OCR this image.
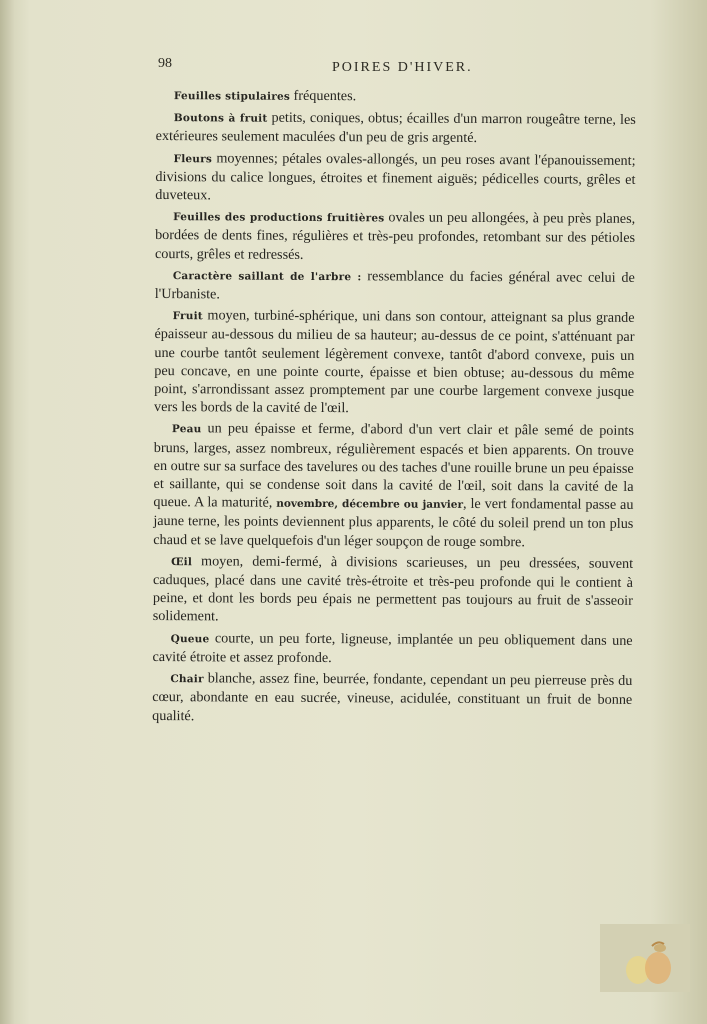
98	POIRES D'HIVER.

Feuilles stipulaires fréquentes.

Boutons à fruit petits, coniques, obtus; écailles d'un marron rougeâtre terne, les extérieures seulement maculées d'un peu de gris argenté.

Fleurs moyennes; pétales ovales-allongés, un peu roses avant l'épanouissement; divisions du calice longues, étroites et finement aiguës; pédicelles courts, grêles et duveteux.

Feuilles des productions fruitières ovales un peu allongées, à peu près planes, bordées de dents fines, régulières et très-peu profondes, retombant sur des pétioles courts, grêles et redressés.

Caractère saillant de l'arbre : ressemblance du facies général avec celui de l'Urbaniste.

Fruit moyen, turbiné-sphérique, uni dans son contour, atteignant sa plus grande épaisseur au-dessous du milieu de sa hauteur; au-dessus de ce point, s'atténuant par une courbe tantôt seulement légèrement convexe, tantôt d'abord convexe, puis un peu concave, en une pointe courte, épaisse et bien obtuse; au-dessous du même point, s'arrondissant assez promptement par une courbe largement convexe jusque vers les bords de la cavité de l'œil.

Peau un peu épaisse et ferme, d'abord d'un vert clair et pâle semé de points bruns, larges, assez nombreux, régulièrement espacés et bien apparents. On trouve en outre sur sa surface des tavelures ou des taches d'une rouille brune un peu épaisse et saillante, qui se condense soit dans la cavité de l'œil, soit dans la cavité de la queue. A la maturité, novembre, décembre ou janvier, le vert fondamental passe au jaune terne, les points deviennent plus apparents, le côté du soleil prend un ton plus chaud et se lave quelquefois d'un léger soupçon de rouge sombre.

Œil moyen, demi-fermé, à divisions scarieuses, un peu dressées, souvent caduques, placé dans une cavité très-étroite et très-peu profonde qui le contient à peine, et dont les bords peu épais ne permettent pas toujours au fruit de s'asseoir solidement.

Queue courte, un peu forte, ligneuse, implantée un peu obliquement dans une cavité étroite et assez profonde.

Chair blanche, assez fine, beurrée, fondante, cependant un peu pierreuse près du cœur, abondante en eau sucrée, vineuse, acidulée, constituant un fruit de bonne qualité.
